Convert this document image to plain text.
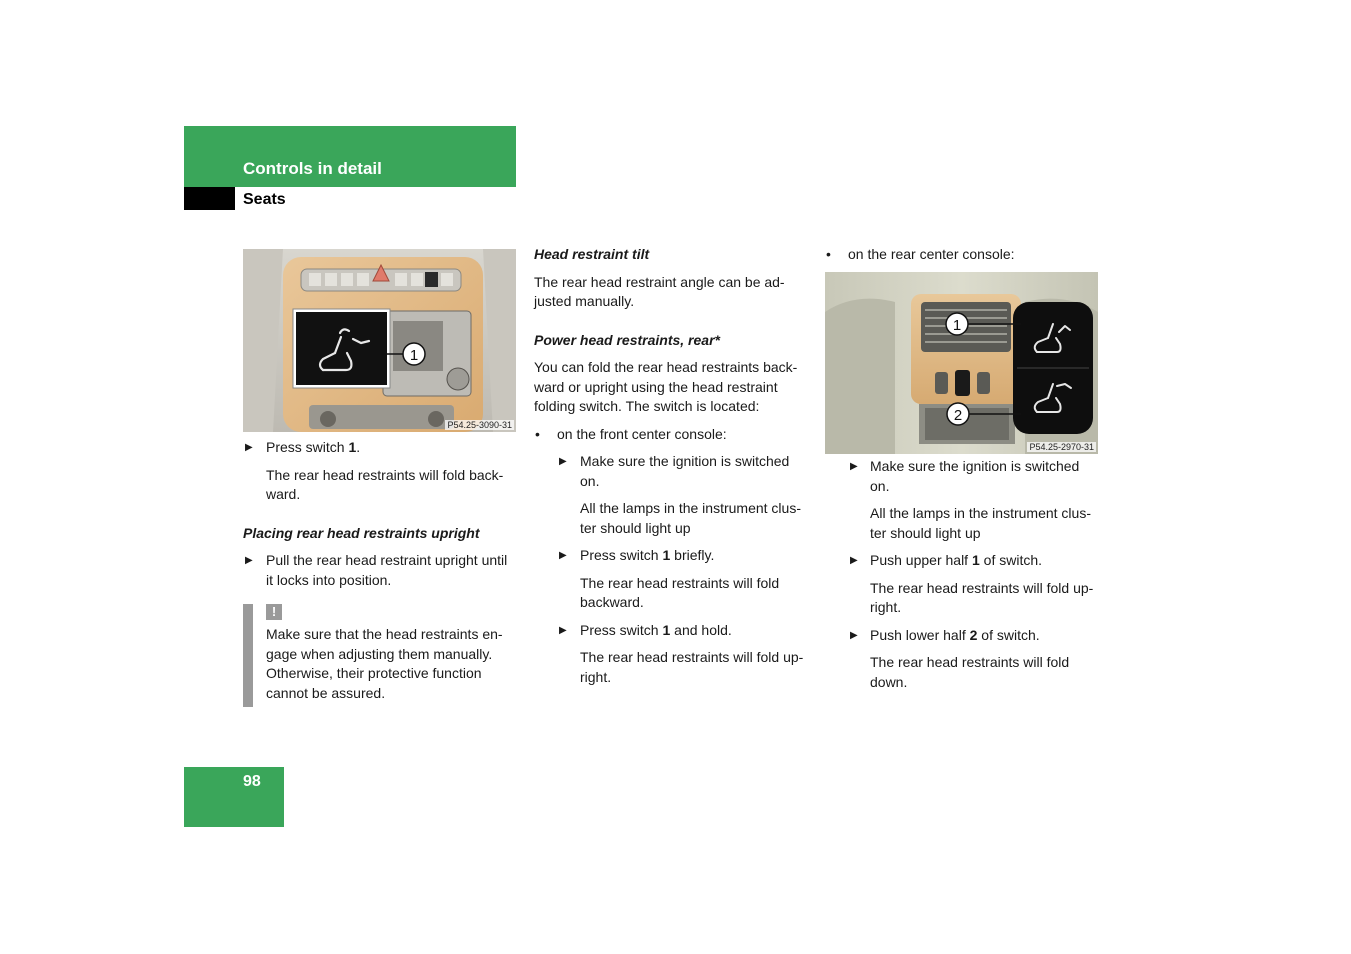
Controls in detail
Seats
1
P54.25-3090-31

▶ Press switch 1.

The rear head restraints will fold back-ward.

Placing rear head restraints upright

▶ Pull the rear head restraint upright until it locks into position.

!

Make sure that the head restraints en-gage when adjusting them manually. Otherwise, their protective function cannot be assured.

Head restraint tilt

The rear head restraint angle can be ad-justed manually.

Power head restraints, rear*

You can fold the rear head restraints back-ward or upright using the head restraint folding switch. The switch is located:

• on the front center console:

▶ Make sure the ignition is switched on.

All the lamps in the instrument clus-ter should light up

▶ Press switch 1 briefly.

The rear head restraints will fold backward.

▶ Press switch 1 and hold.

The rear head restraints will fold up-right.

• on the rear center console:

1
2
P54.25-2970-31

▶ Make sure the ignition is switched on.

All the lamps in the instrument clus-ter should light up

▶ Push upper half 1 of switch.

The rear head restraints will fold up-right.

▶ Push lower half 2 of switch.

The rear head restraints will fold down.

98
